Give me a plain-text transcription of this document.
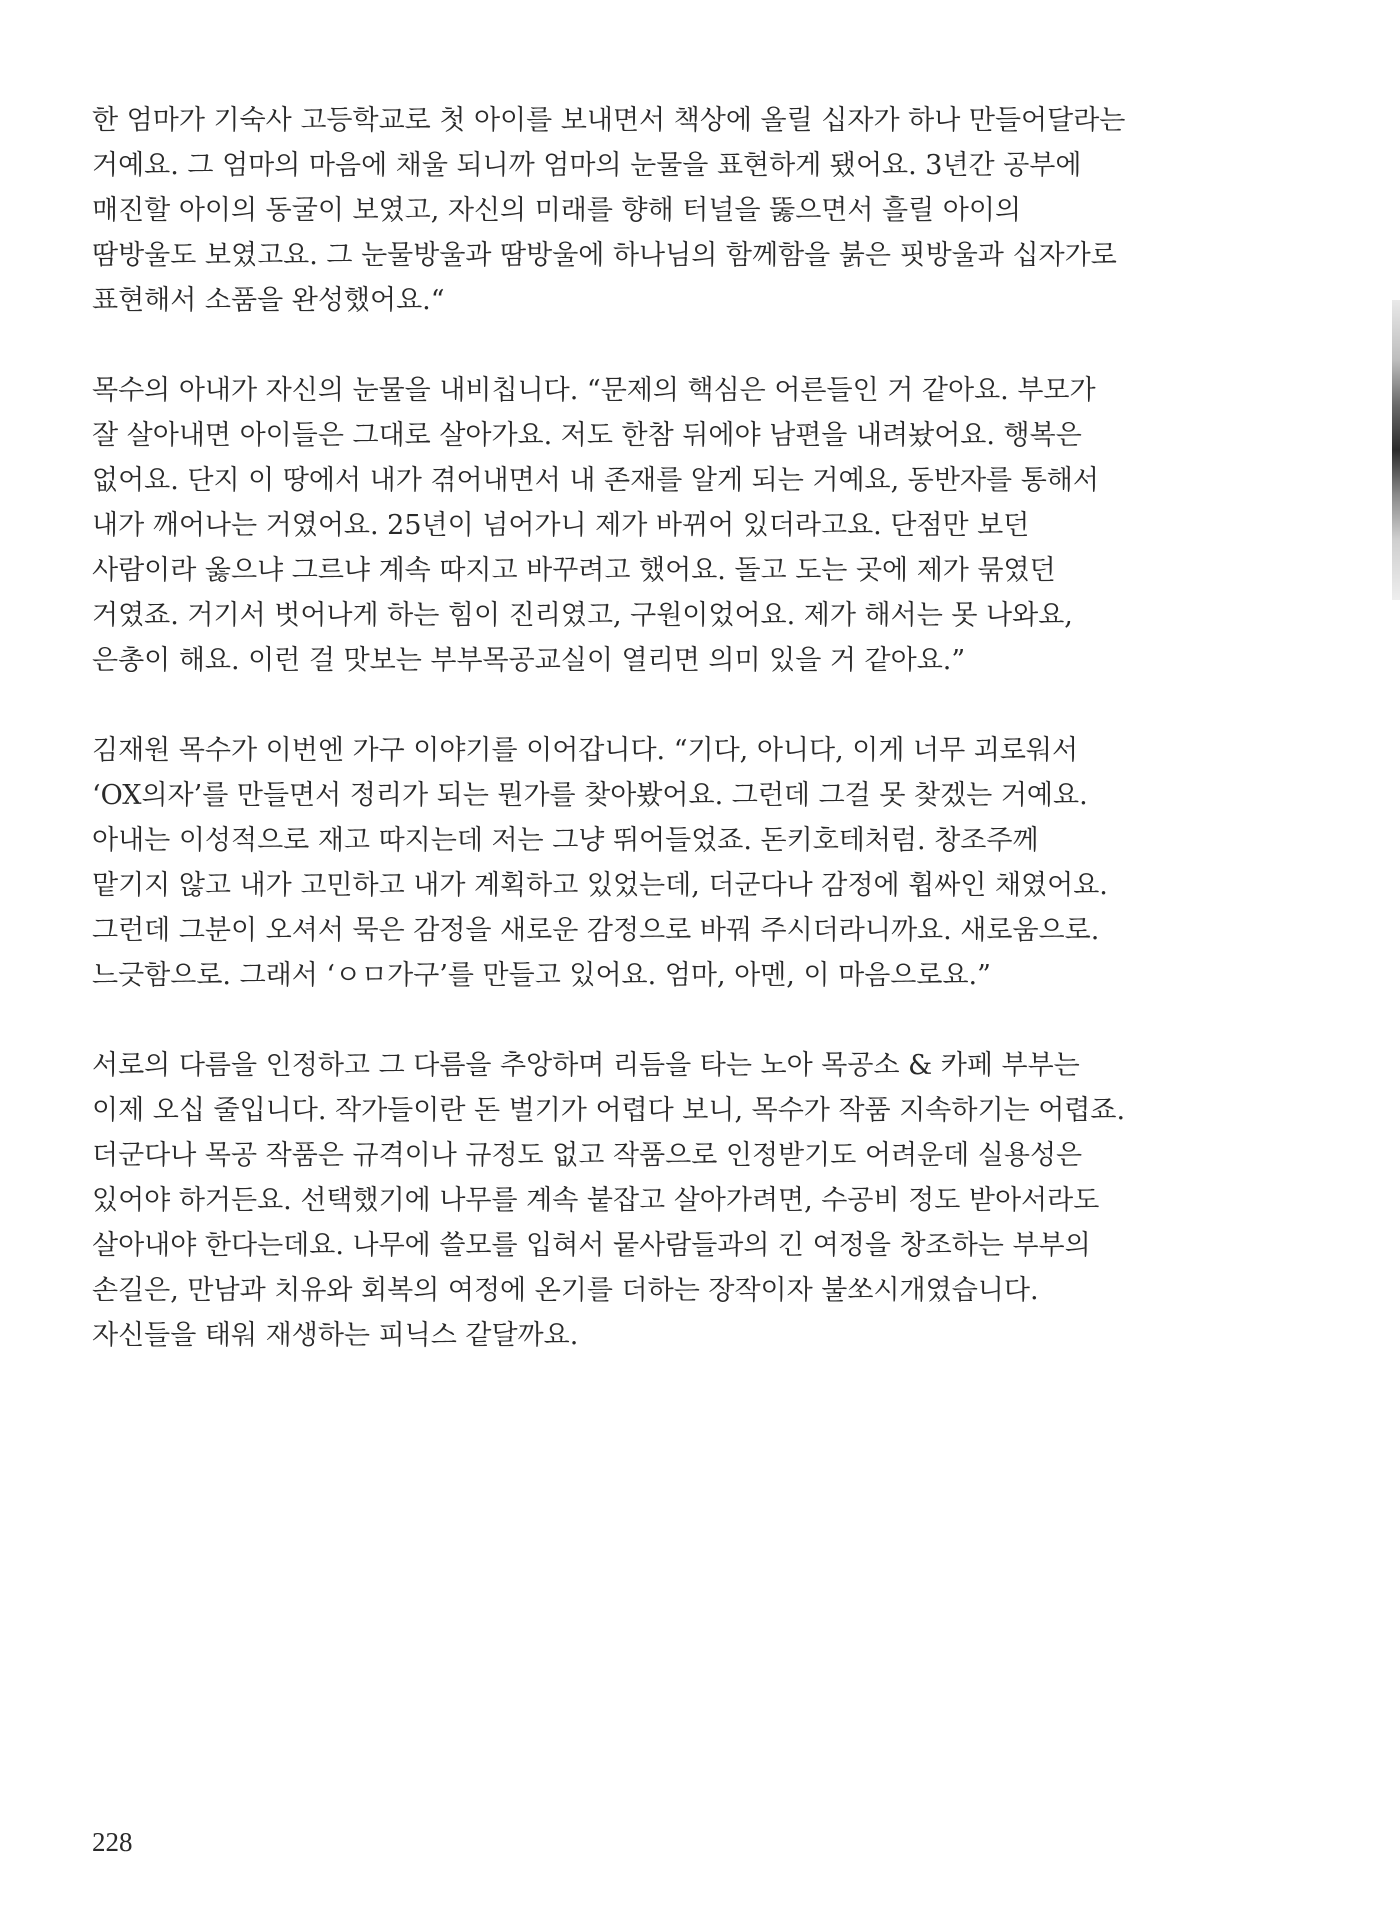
한 엄마가 기숙사 고등학교로 첫 아이를 보내면서 책상에 올릴 십자가 하나 만들어달라는
거예요. 그 엄마의 마음에 채울 되니까 엄마의 눈물을 표현하게 됐어요. 3년간 공부에
매진할 아이의 동굴이 보였고, 자신의 미래를 향해 터널을 뚫으면서 흘릴 아이의
땀방울도 보였고요. 그 눈물방울과 땀방울에 하나님의 함께함을 붉은 핏방울과 십자가로
표현해서 소품을 완성했어요.“

목수의 아내가 자신의 눈물을 내비칩니다. “문제의 핵심은 어른들인 거 같아요. 부모가
잘 살아내면 아이들은 그대로 살아가요. 저도 한참 뒤에야 남편을 내려놨어요. 행복은
없어요. 단지 이 땅에서 내가 겪어내면서 내 존재를 알게 되는 거예요, 동반자를 통해서
내가 깨어나는 거였어요. 25년이 넘어가니 제가 바뀌어 있더라고요. 단점만 보던
사람이라 옳으냐 그르냐 계속 따지고 바꾸려고 했어요. 돌고 도는 곳에 제가 묶였던
거였죠. 거기서 벗어나게 하는 힘이 진리였고, 구원이었어요. 제가 해서는 못 나와요,
은총이 해요. 이런 걸 맛보는 부부목공교실이 열리면 의미 있을 거 같아요.”

김재원 목수가 이번엔 가구 이야기를 이어갑니다. “기다, 아니다, 이게 너무 괴로워서
‘OX의자’를 만들면서 정리가 되는 뭔가를 찾아봤어요. 그런데 그걸 못 찾겠는 거예요.
아내는 이성적으로 재고 따지는데 저는 그냥 뛰어들었죠. 돈키호테처럼. 창조주께
맡기지 않고 내가 고민하고 내가 계획하고 있었는데, 더군다나 감정에 휩싸인 채였어요.
그런데 그분이 오셔서 묵은 감정을 새로운 감정으로 바꿔 주시더라니까요. 새로움으로.
느긋함으로. 그래서 ‘ㅇㅁ가구’를 만들고 있어요. 엄마, 아멘, 이 마음으로요.”

서로의 다름을 인정하고 그 다름을 추앙하며 리듬을 타는 노아 목공소 & 카페 부부는
이제 오십 줄입니다. 작가들이란 돈 벌기가 어렵다 보니, 목수가 작품 지속하기는 어렵죠.
더군다나 목공 작품은 규격이나 규정도 없고 작품으로 인정받기도 어려운데 실용성은
있어야 하거든요. 선택했기에 나무를 계속 붙잡고 살아가려면, 수공비 정도 받아서라도
살아내야 한다는데요. 나무에 쓸모를 입혀서 뭍사람들과의 긴 여정을 창조하는 부부의
손길은, 만남과 치유와 회복의 여정에 온기를 더하는 장작이자 불쏘시개였습니다.
자신들을 태워 재생하는 피닉스 같달까요.

228
